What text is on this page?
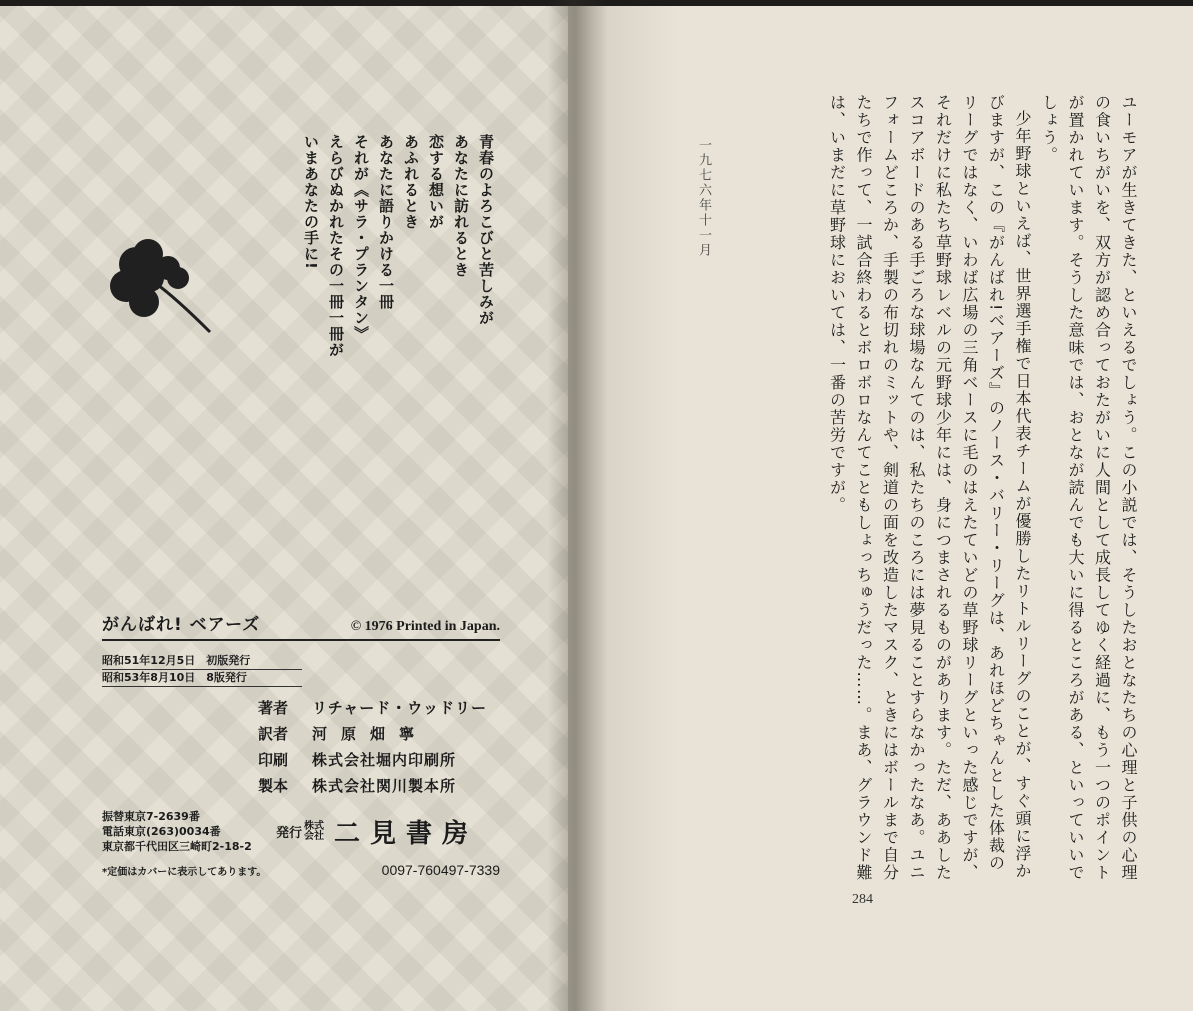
青春のよろこびと苦しみが
あなたに訪れるとき
恋する想いが
あふれるとき
あなたに語りかける一冊
それが《サラ・プランタン》
えらびぬかれたその一冊一冊が
いまあなたの手に!
がんばれ! ベアーズ	© 1976 Printed in Japan.
昭和51年12月5日　初版発行
昭和53年8月10日　8版発行
著者	リチャード・ウッドリー
訳者	河原畑寧
印刷	株式会社堀内印刷所
製本	株式会社関川製本所
振替東京7-2639番
電話東京(263)0034番
東京都千代田区三崎町2-18-2
発行 株式会社 二見書房
*定価はカバーに表示してあります。	0097-760497-7339	ユーモアが生きてきた、といえるでしょう。この小説では、そうしたおとなたちの心理と子供の心理の食いちがいを、双方が認め合っておたがいに人間として成長してゆく経過に、もう一つのポイントが置かれています。そうした意味では、おとなが読んでも大いに得るところがある、といっていいでしょう。

少年野球といえば、世界選手権で日本代表チームが優勝したリトルリーグのことが、すぐ頭に浮かびますが、この『がんばれ!ベアーズ』のノース・バリー・リーグは、あれほどちゃんとした体裁のリーグではなく、いわば広場の三角ベースに毛のはえたていどの草野球リーグといった感じですが、それだけに私たち草野球レベルの元野球少年には、身につまされるものがあります。ただ、ああしたスコアボードのある手ごろな球場なんてのは、私たちのころには夢見ることすらなかったなあ。ユニフォームどころか、手製の布切れのミットや、剣道の面を改造したマスク、ときにはボールまで自分たちで作って、一試合終わるとボロボロなんてこともしょっちゅうだった……。まあ、グラウンド難は、いまだに草野球においては、一番の苦労ですが。

一九七六年十一月
284
